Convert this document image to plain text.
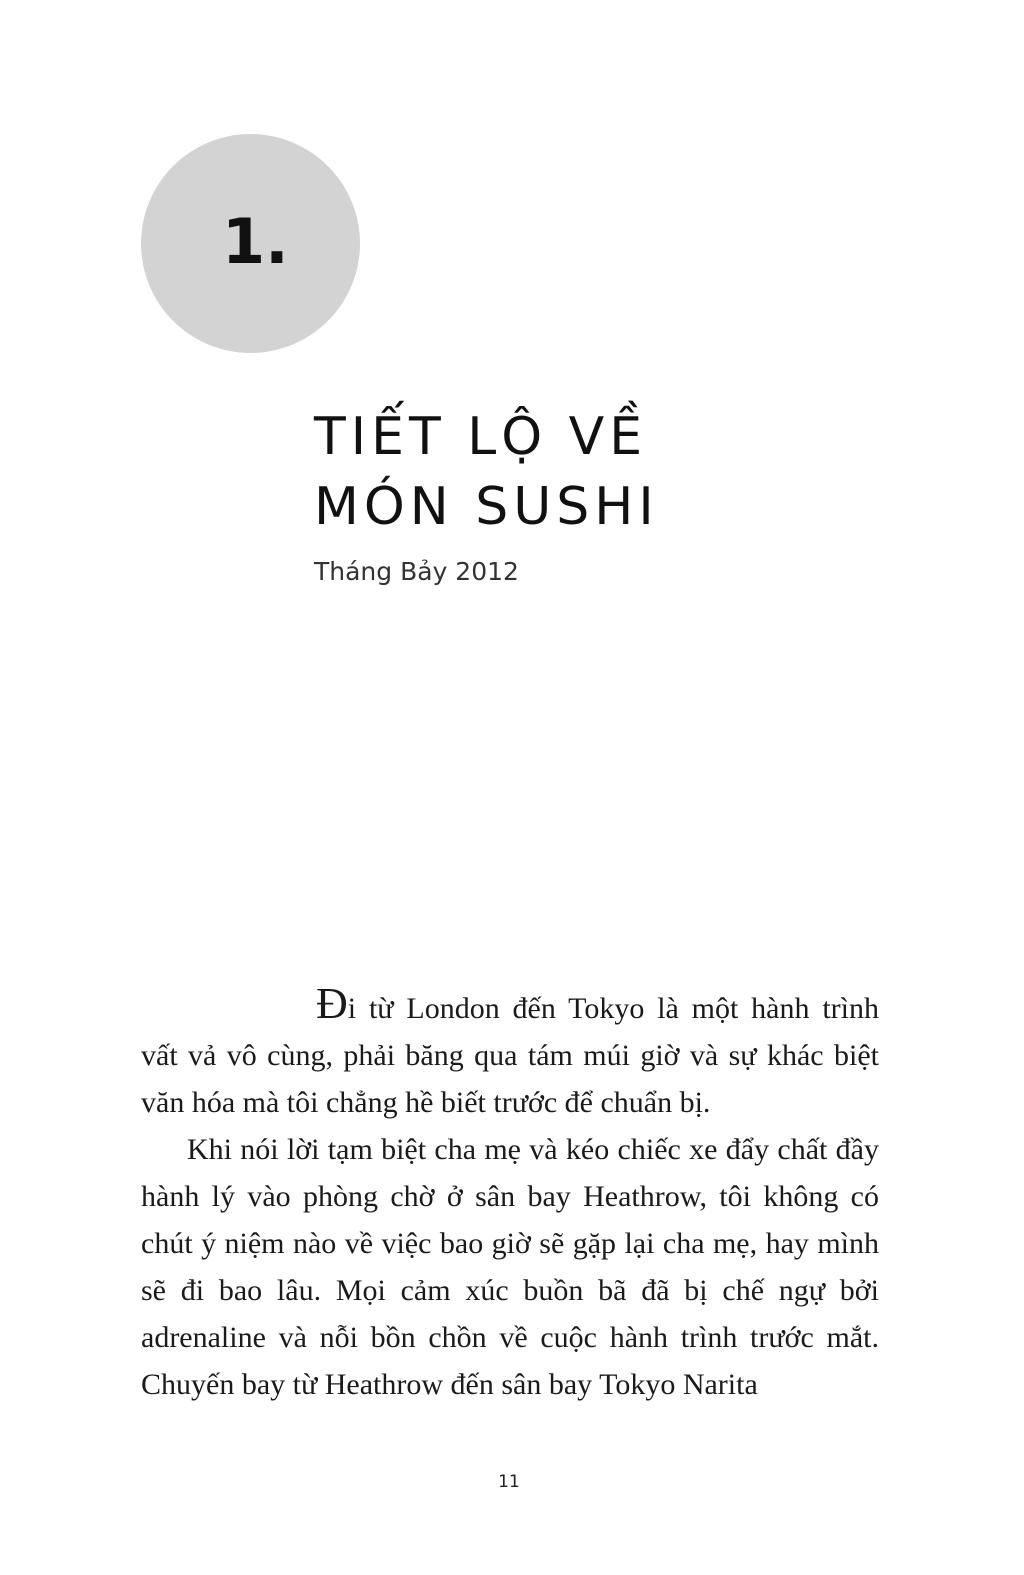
1.
TIẾT LỘ VỀ
MÓN SUSHI
Tháng Bảy 2012

Đi từ London đến Tokyo là một hành trình vất vả vô cùng, phải băng qua tám múi giờ và sự khác biệt văn hóa mà tôi chẳng hề biết trước để chuẩn bị.

Khi nói lời tạm biệt cha mẹ và kéo chiếc xe đẩy chất đầy hành lý vào phòng chờ ở sân bay Heathrow, tôi không có chút ý niệm nào về việc bao giờ sẽ gặp lại cha mẹ, hay mình sẽ đi bao lâu. Mọi cảm xúc buồn bã đã bị chế ngự bởi adrenaline và nỗi bồn chồn về cuộc hành trình trước mắt. Chuyến bay từ Heathrow đến sân bay Tokyo Narita

11
